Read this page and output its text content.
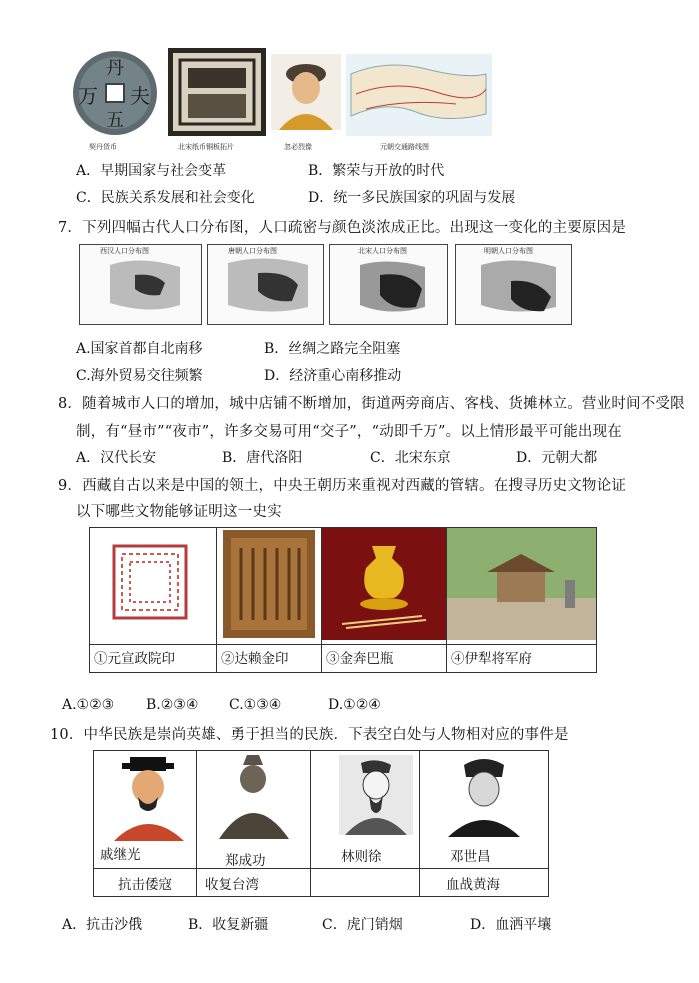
丹
夫
万
五
契丹货币	北宋纸币铜板拓片	忽必烈像	元朝交通路线图
A．早期国家与社会变革	B．繁荣与开放的时代
C．民族关系发展和社会变化	D．统一多民族国家的巩固与发展
7．下列四幅古代人口分布图，人口疏密与颜色淡浓成正比。出现这一变化的主要原因是
西汉人口分布图	唐朝人口分布图	北宋人口分布图	明朝人口分布图
A.国家首都自北南移	B．丝绸之路完全阻塞
C.海外贸易交往频繁	D．经济重心南移推动
8．随着城市人口的增加，城中店铺不断增加，街道两旁商店、客栈、货摊林立。营业时间不受限
制，有“昼市”“夜市”，许多交易可用“交子”，“动即千万”。以上情形最平可能出现在
A．汉代长安	B．唐代洛阳	C．北宋东京	D．元朝大都
9．西藏自古以来是中国的领土，中央王朝历来重视对西藏的管辖。在搜寻历史文物论证
以下哪些文物能够证明这一史实

①元宣政院印	②达赖金印	③金奔巴瓶	④伊犁将军府
A.①②③ B.②③④ C.①③④	D.①②④
10．中华民族是崇尚英雄、勇于担当的民族．下表空白处与人物相对应的事件是
戚继光	郑成功	林则徐	邓世昌

抗击倭寇	收复台湾		血战黄海
A．抗击沙俄	B．收复新疆	C．虎门销烟	D．血洒平壤
